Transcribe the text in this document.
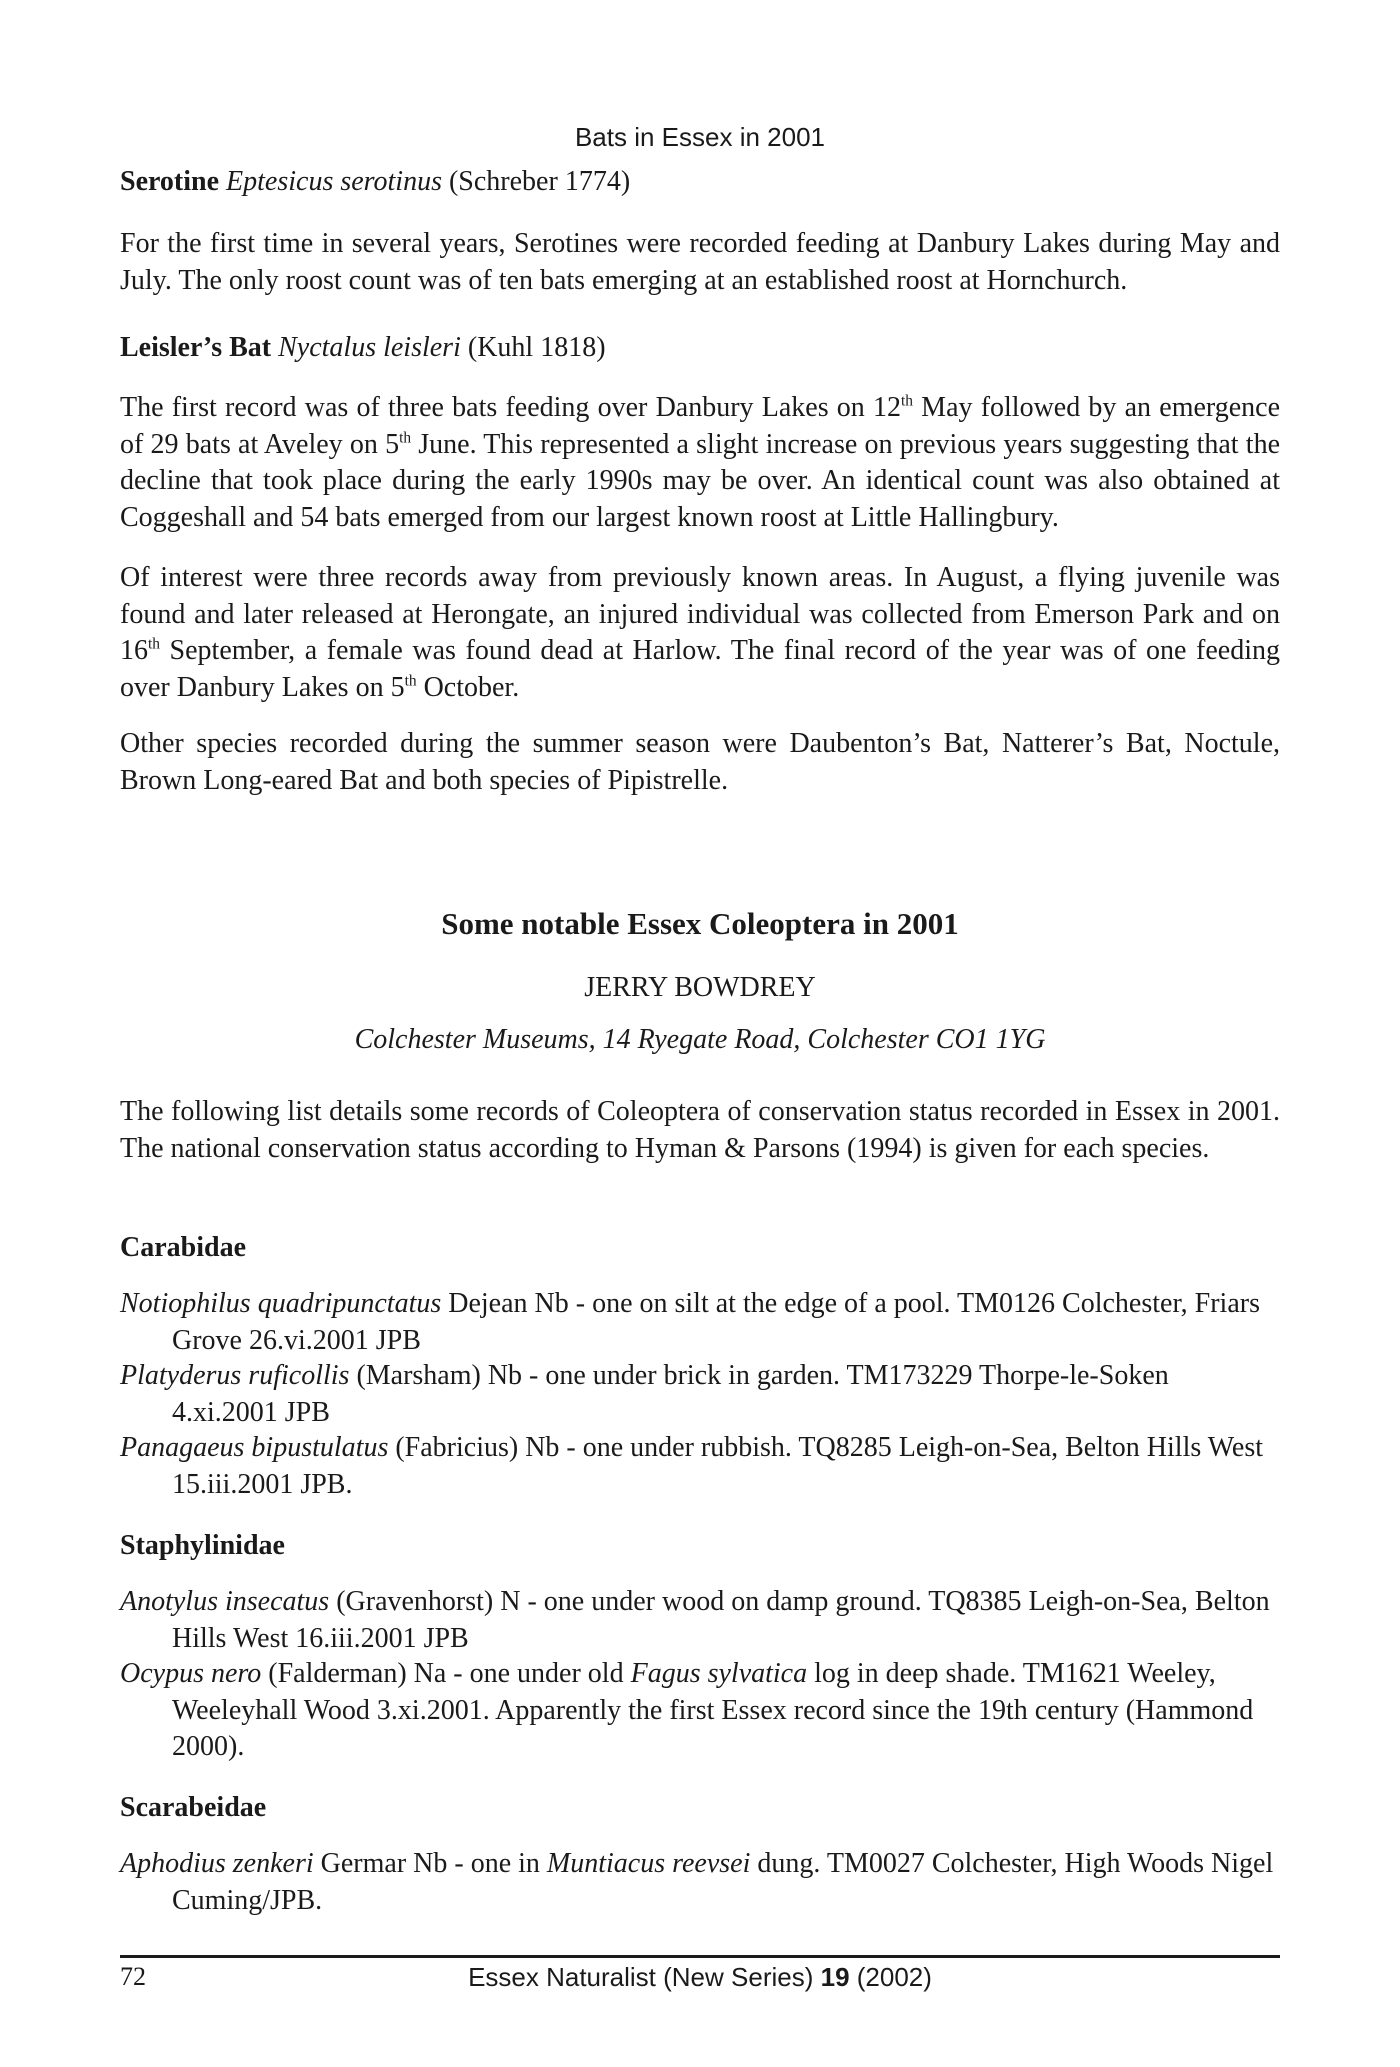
Bats in Essex in 2001
Serotine Eptesicus serotinus (Schreber 1774)
For the first time in several years, Serotines were recorded feeding at Danbury Lakes during May and July. The only roost count was of ten bats emerging at an established roost at Hornchurch.
Leisler’s Bat Nyctalus leisleri (Kuhl 1818)
The first record was of three bats feeding over Danbury Lakes on 12th May followed by an emergence of 29 bats at Aveley on 5th June. This represented a slight increase on previous years suggesting that the decline that took place during the early 1990s may be over. An identical count was also obtained at Coggeshall and 54 bats emerged from our largest known roost at Little Hallingbury.
Of interest were three records away from previously known areas. In August, a flying juvenile was found and later released at Herongate, an injured individual was collected from Emerson Park and on 16th September, a female was found dead at Harlow. The final record of the year was of one feeding over Danbury Lakes on 5th October.
Other species recorded during the summer season were Daubenton’s Bat, Natterer’s Bat, Noctule, Brown Long-eared Bat and both species of Pipistrelle.
Some notable Essex Coleoptera in 2001
JERRY BOWDREY
Colchester Museums, 14 Ryegate Road, Colchester CO1 1YG
The following list details some records of Coleoptera of conservation status recorded in Essex in 2001. The national conservation status according to Hyman & Parsons (1994) is given for each species.
Carabidae
Notiophilus quadripunctatus Dejean Nb - one on silt at the edge of a pool. TM0126 Colchester, Friars Grove 26.vi.2001 JPB
Platyderus ruficollis (Marsham) Nb - one under brick in garden. TM173229 Thorpe-le-Soken 4.xi.2001 JPB
Panagaeus bipustulatus (Fabricius) Nb - one under rubbish. TQ8285 Leigh-on-Sea, Belton Hills West 15.iii.2001 JPB.
Staphylinidae
Anotylus insecatus (Gravenhorst) N - one under wood on damp ground. TQ8385 Leigh-on-Sea, Belton Hills West 16.iii.2001 JPB
Ocypus nero (Falderman) Na - one under old Fagus sylvatica log in deep shade. TM1621 Weeley, Weeleyhall Wood 3.xi.2001. Apparently the first Essex record since the 19th century (Hammond 2000).
Scarabeidae
Aphodius zenkeri Germar Nb - one in Muntiacus reevsei dung. TM0027 Colchester, High Woods Nigel Cuming/JPB.
72	Essex Naturalist (New Series) 19 (2002)
